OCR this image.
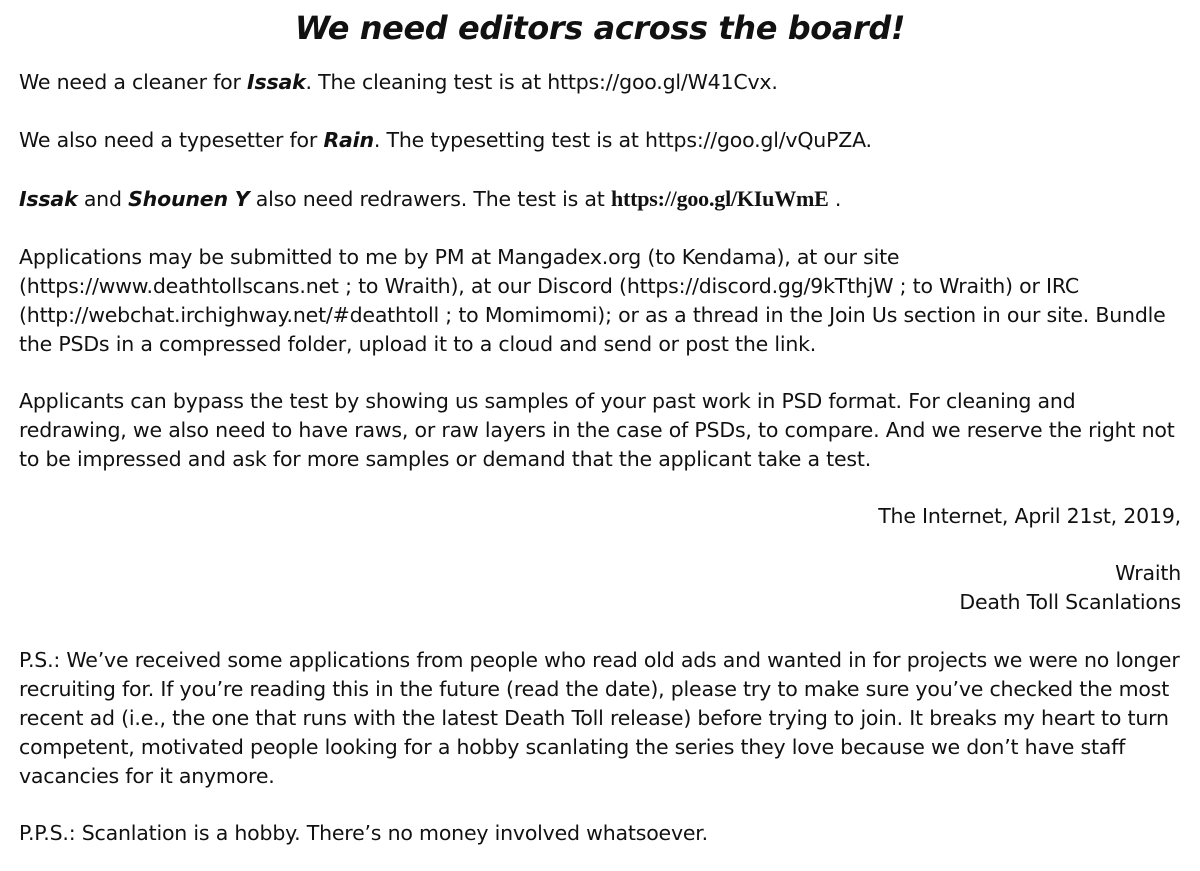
We need editors across the board!

We need a cleaner for Issak. The cleaning test is at https://goo.gl/W41Cvx.

We also need a typesetter for Rain. The typesetting test is at https://goo.gl/vQuPZA.

Issak and Shounen Y also need redrawers. The test is at https://goo.gl/KIuWmE .

Applications may be submitted to me by PM at Mangadex.org (to Kendama), at our site (https://www.deathtollscans.net ; to Wraith), at our Discord (https://discord.gg/9kTthjW ; to Wraith) or IRC (http://webchat.irchighway.net/#deathtoll ; to Momimomi); or as a thread in the Join Us section in our site. Bundle the PSDs in a compressed folder, upload it to a cloud and send or post the link.

Applicants can bypass the test by showing us samples of your past work in PSD format. For cleaning and redrawing, we also need to have raws, or raw layers in the case of PSDs, to compare. And we reserve the right not to be impressed and ask for more samples or demand that the applicant take a test.

The Internet, April 21st, 2019,

Wraith

Death Toll Scanlations

P.S.: We’ve received some applications from people who read old ads and wanted in for projects we were no longer recruiting for. If you’re reading this in the future (read the date), please try to make sure you’ve checked the most recent ad (i.e., the one that runs with the latest Death Toll release) before trying to join. It breaks my heart to turn competent, motivated people looking for a hobby scanlating the series they love because we don’t have staff vacancies for it anymore.

P.P.S.: Scanlation is a hobby. There’s no money involved whatsoever.
